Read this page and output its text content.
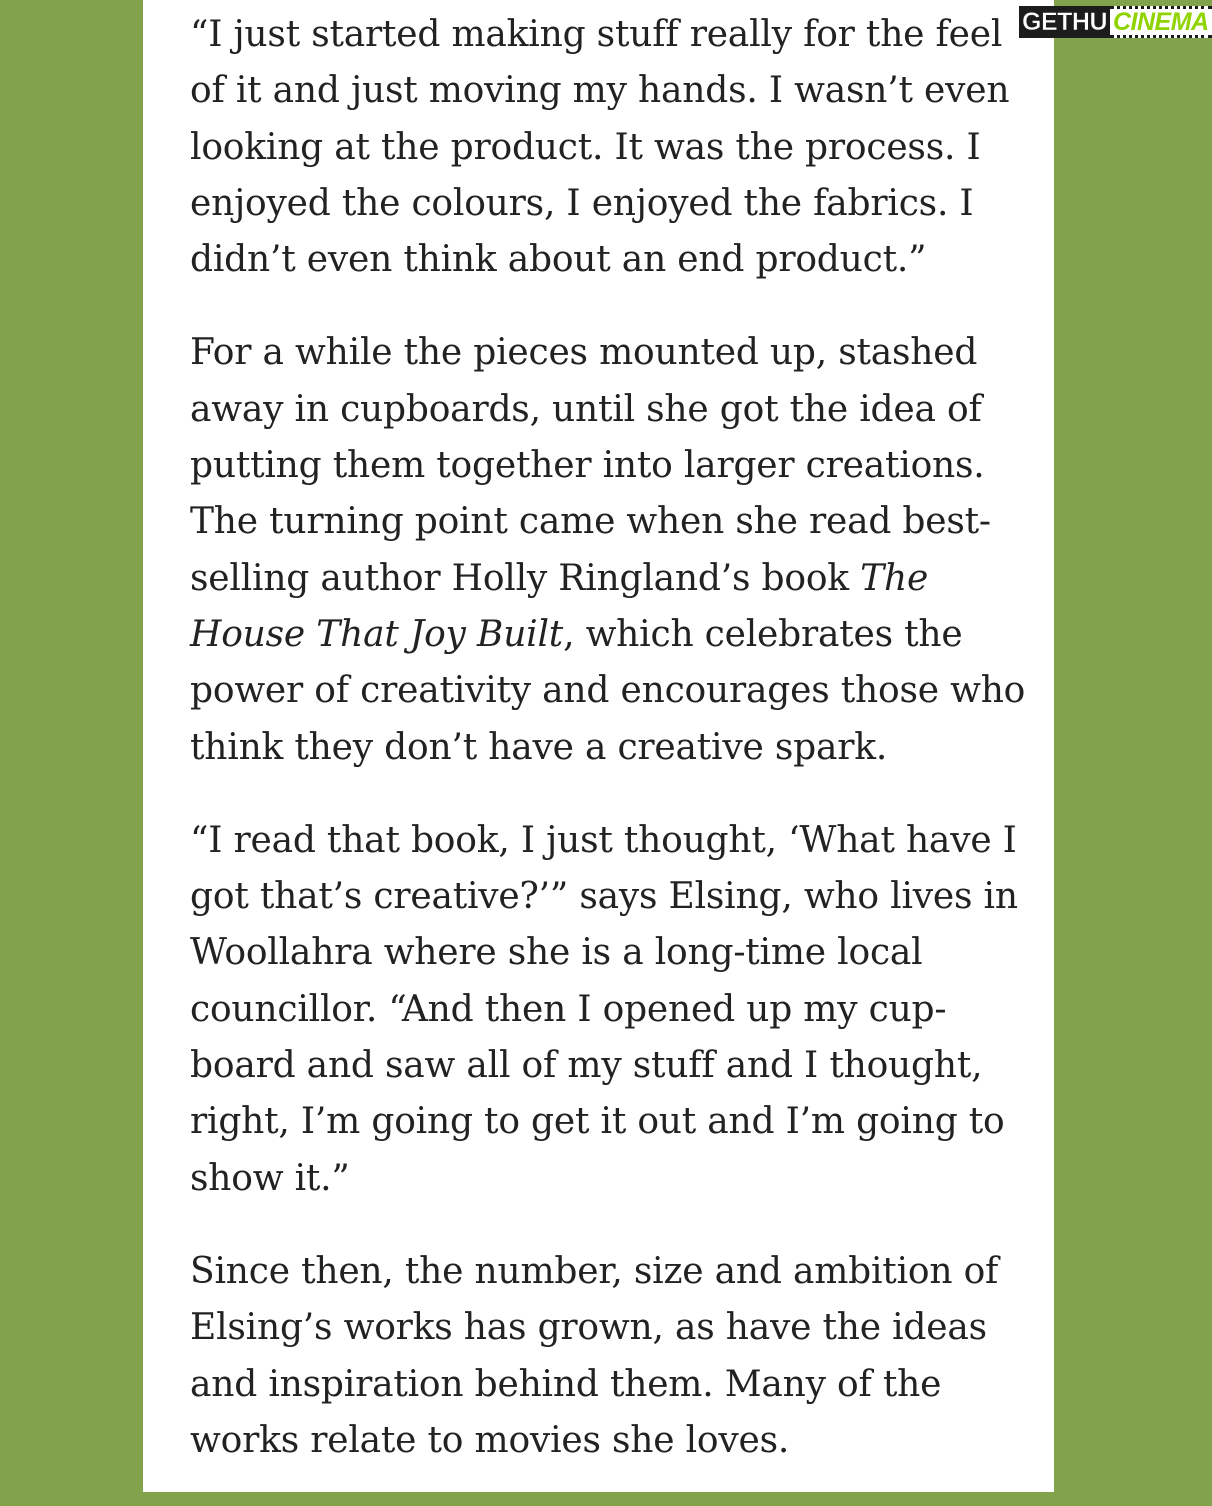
“I just started making stuff really for the feel
of it and just moving my hands. I wasn’t even
looking at the product. It was the process. I
enjoyed the colours, I enjoyed the fabrics. I
didn’t even think about an end product.”

For a while the pieces mounted up, stashed
away in cupboards, until she got the idea of
putting them together into larger creations.
The turning point came when she read best-
selling author Holly Ringland’s book The
House That Joy Built, which celebrates the
power of creativity and encourages those who
think they don’t have a creative spark.

“I read that book, I just thought, ‘What have I
got that’s creative?’” says Elsing, who lives in
Woollahra where she is a long-time local
councillor. “And then I opened up my cup-
board and saw all of my stuff and I thought,
right, I’m going to get it out and I’m going to
show it.”

Since then, the number, size and ambition of
Elsing’s works has grown, as have the ideas
and inspiration behind them. Many of the
works relate to movies she loves.

GETHU CINEMA
